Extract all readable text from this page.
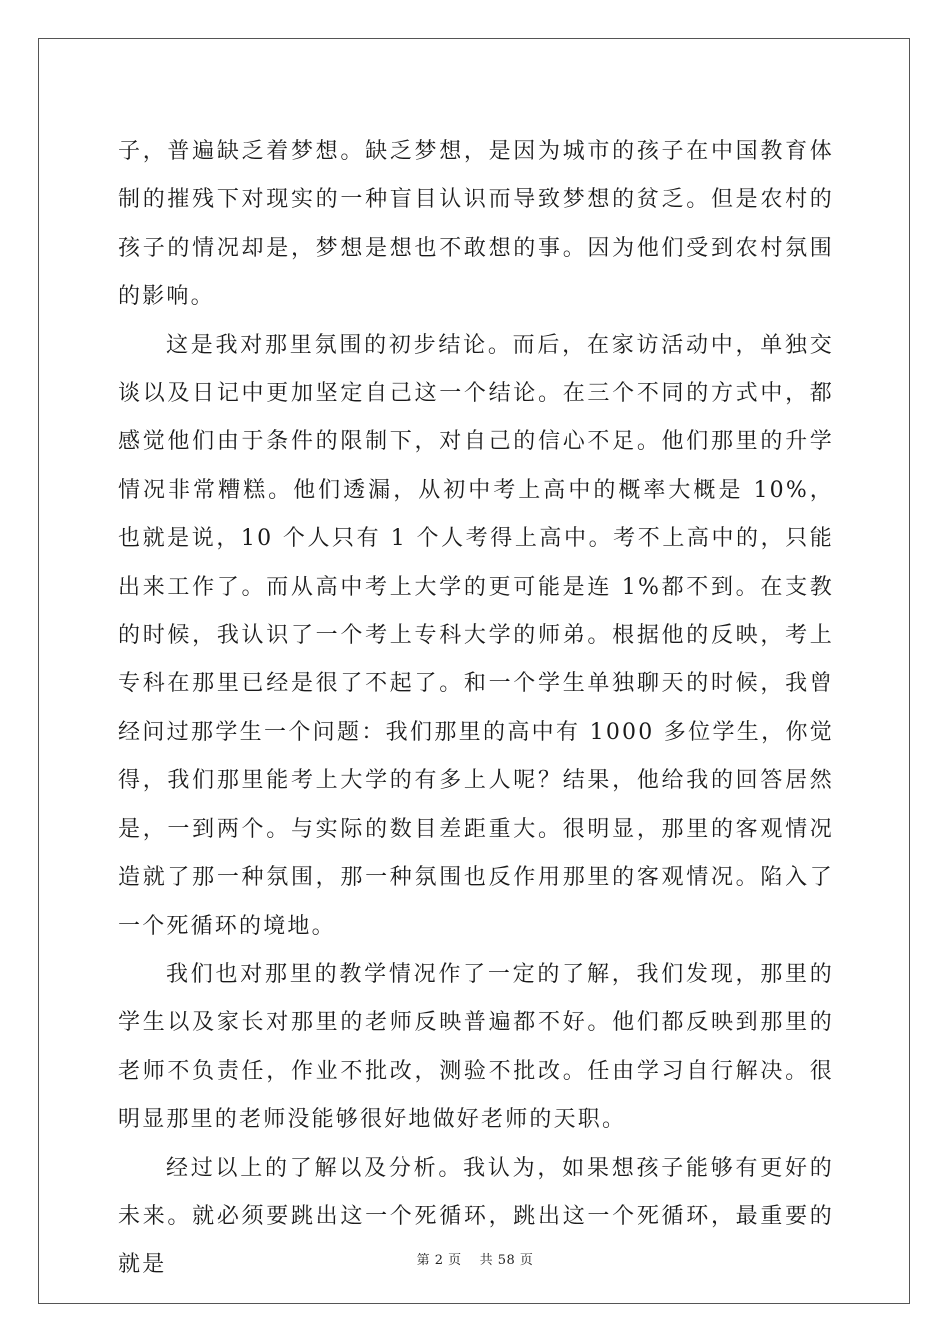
子，普遍缺乏着梦想。缺乏梦想，是因为城市的孩子在中国教育体制的摧残下对现实的一种盲目认识而导致梦想的贫乏。但是农村的孩子的情况却是，梦想是想也不敢想的事。因为他们受到农村氛围的影响。

这是我对那里氛围的初步结论。而后，在家访活动中，单独交谈以及日记中更加坚定自己这一个结论。在三个不同的方式中，都感觉他们由于条件的限制下，对自己的信心不足。他们那里的升学情况非常糟糕。他们透漏，从初中考上高中的概率大概是 10%，也就是说，10 个人只有 1 个人考得上高中。考不上高中的，只能出来工作了。而从高中考上大学的更可能是连 1%都不到。在支教的时候，我认识了一个考上专科大学的师弟。根据他的反映，考上专科在那里已经是很了不起了。和一个学生单独聊天的时候，我曾经问过那学生一个问题：我们那里的高中有 1000 多位学生，你觉得，我们那里能考上大学的有多上人呢？结果，他给我的回答居然是，一到两个。与实际的数目差距重大。很明显，那里的客观情况造就了那一种氛围，那一种氛围也反作用那里的客观情况。陷入了一个死循环的境地。

我们也对那里的教学情况作了一定的了解，我们发现，那里的学生以及家长对那里的老师反映普遍都不好。他们都反映到那里的老师不负责任，作业不批改，测验不批改。任由学习自行解决。很明显那里的老师没能够很好地做好老师的天职。

经过以上的了解以及分析。我认为，如果想孩子能够有更好的未来。就必须要跳出这一个死循环，跳出这一个死循环，最重要的就是	第 2 页 共 58 页
